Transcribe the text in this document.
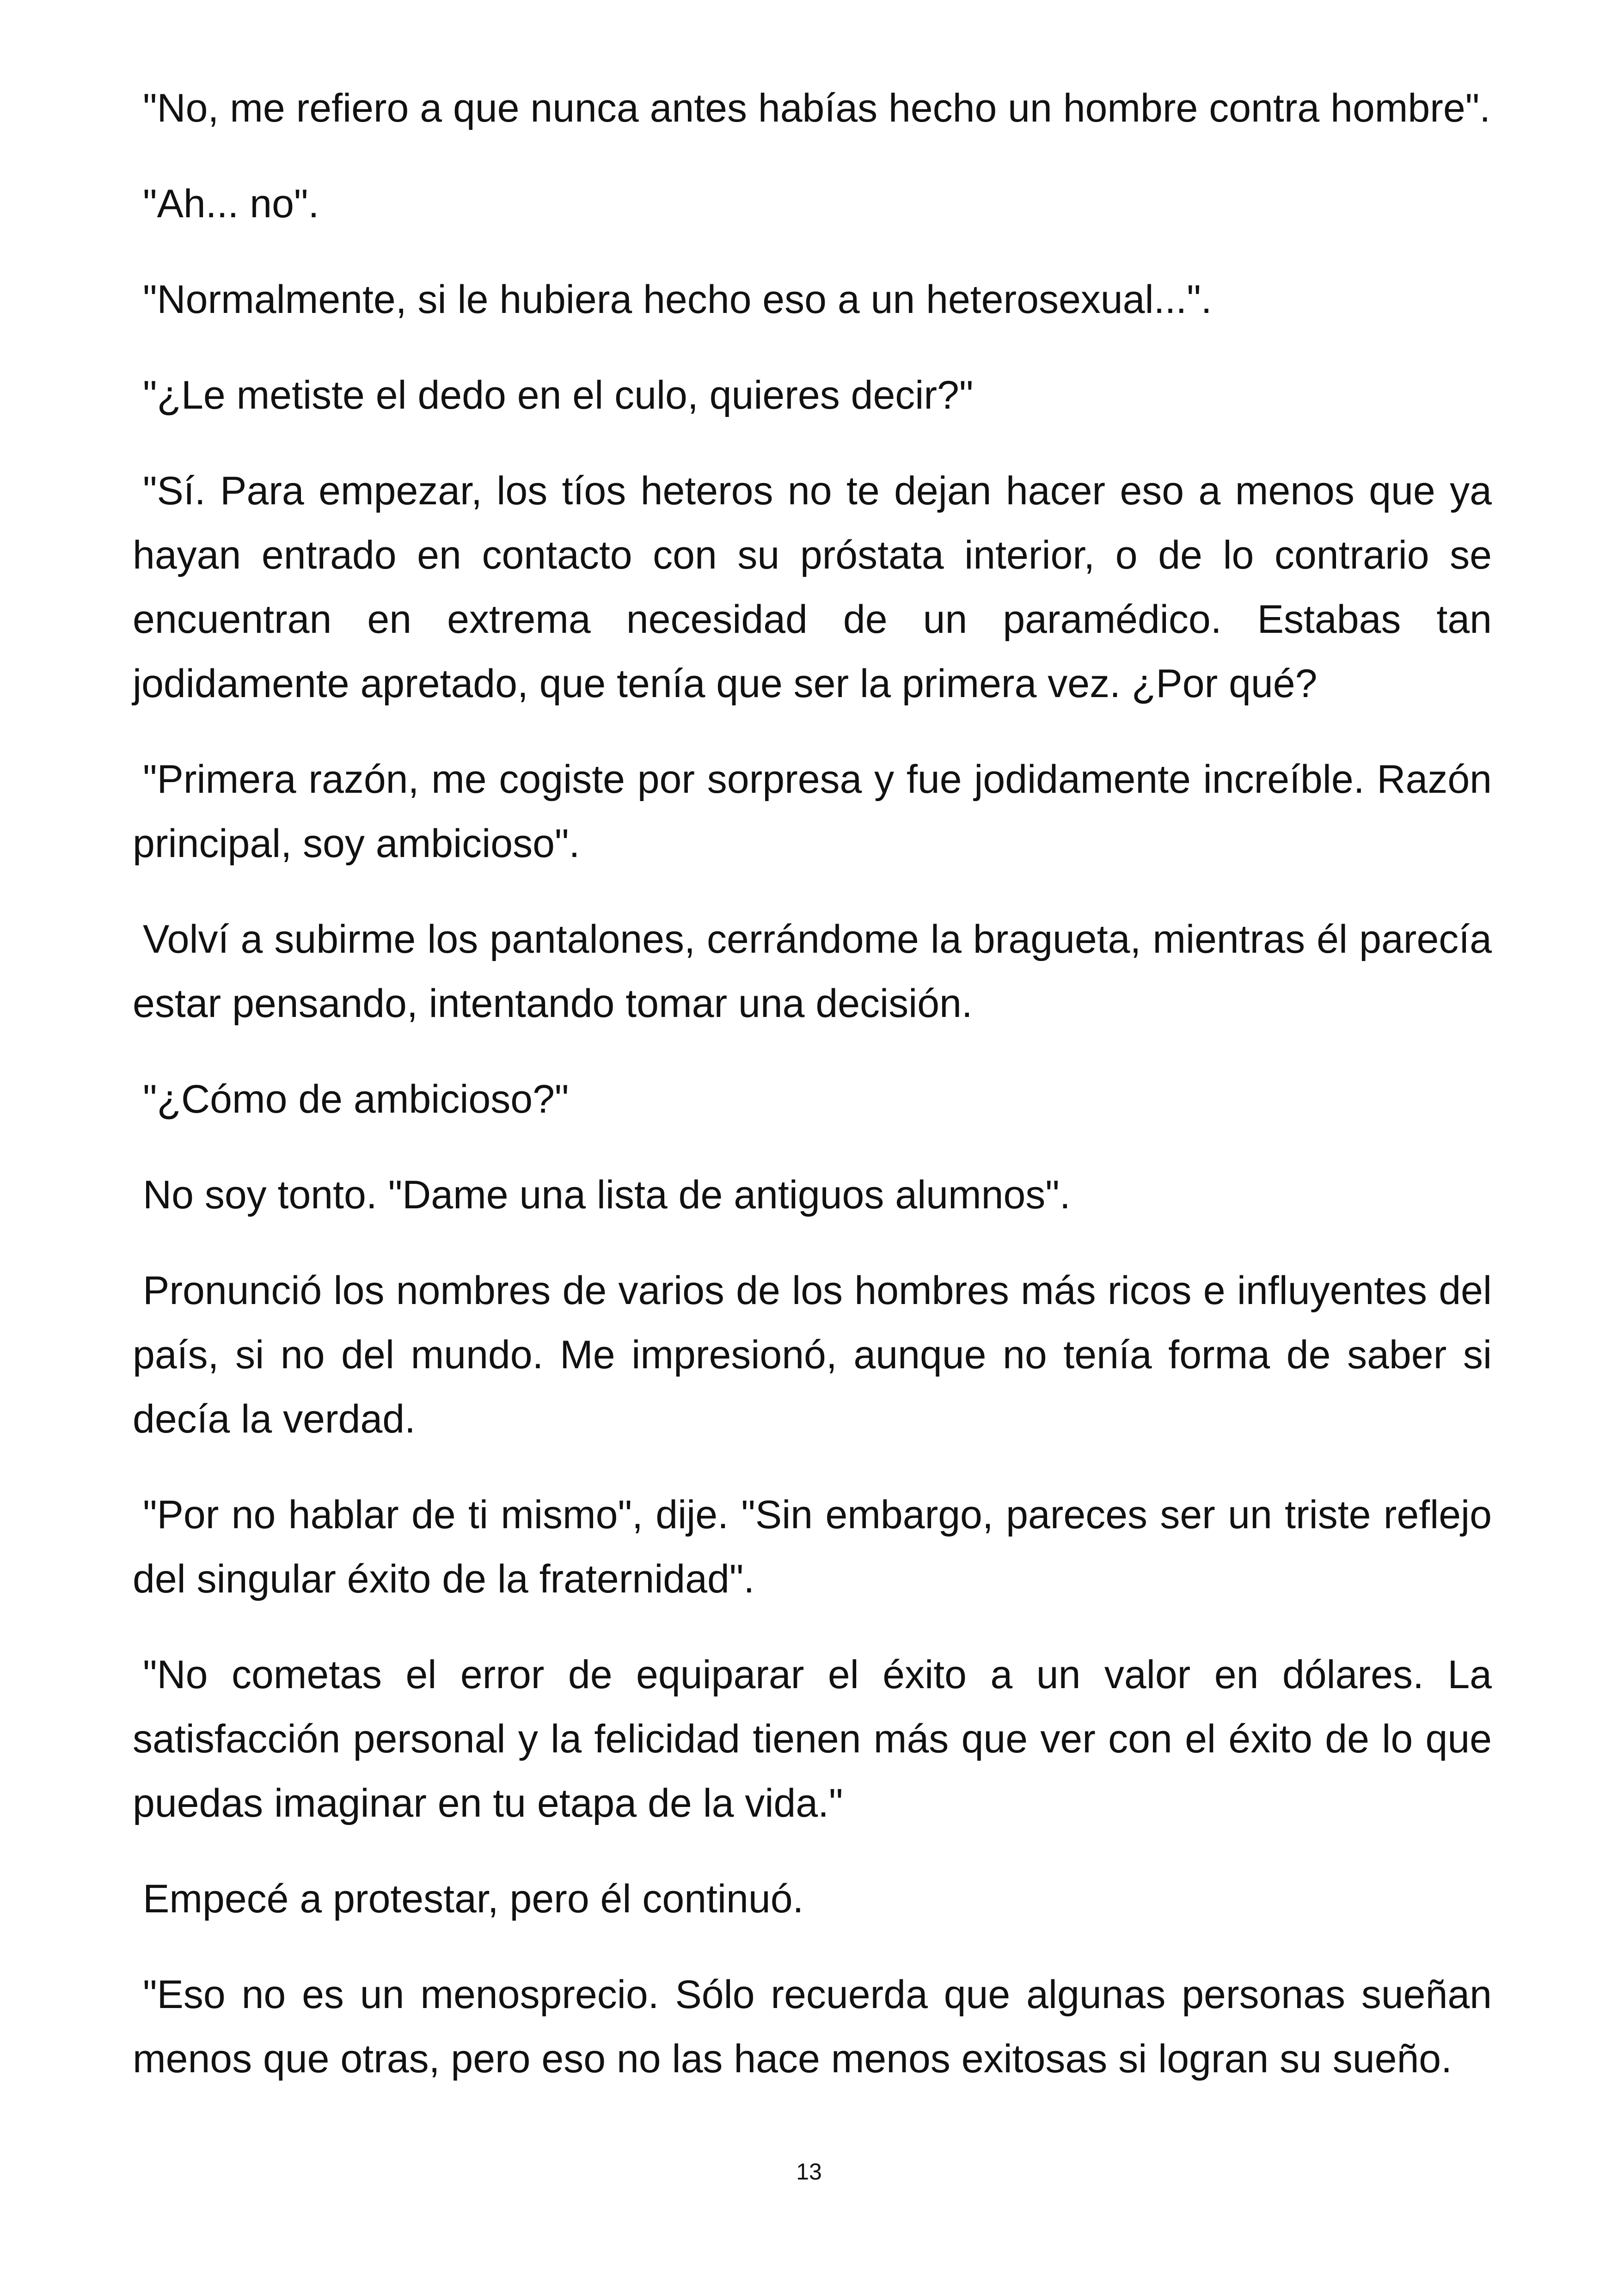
"No, me refiero a que nunca antes habías hecho un hombre contra hombre".

"Ah... no".

"Normalmente, si le hubiera hecho eso a un heterosexual...".

"¿Le metiste el dedo en el culo, quieres decir?"

"Sí. Para empezar, los tíos heteros no te dejan hacer eso a menos que ya hayan entrado en contacto con su próstata interior, o de lo contrario se encuentran en extrema necesidad de un paramédico. Estabas tan jodidamente apretado, que tenía que ser la primera vez. ¿Por qué?

"Primera razón, me cogiste por sorpresa y fue jodidamente increíble. Razón principal, soy ambicioso".

Volví a subirme los pantalones, cerrándome la bragueta, mientras él parecía estar pensando, intentando tomar una decisión.

"¿Cómo de ambicioso?"

No soy tonto. "Dame una lista de antiguos alumnos".

Pronunció los nombres de varios de los hombres más ricos e influyentes del país, si no del mundo. Me impresionó, aunque no tenía forma de saber si decía la verdad.

"Por no hablar de ti mismo", dije. "Sin embargo, pareces ser un triste reflejo del singular éxito de la fraternidad".

"No cometas el error de equiparar el éxito a un valor en dólares. La satisfacción personal y la felicidad tienen más que ver con el éxito de lo que puedas imaginar en tu etapa de la vida."

Empecé a protestar, pero él continuó.

"Eso no es un menosprecio. Sólo recuerda que algunas personas sueñan menos que otras, pero eso no las hace menos exitosas si logran su sueño.

13
